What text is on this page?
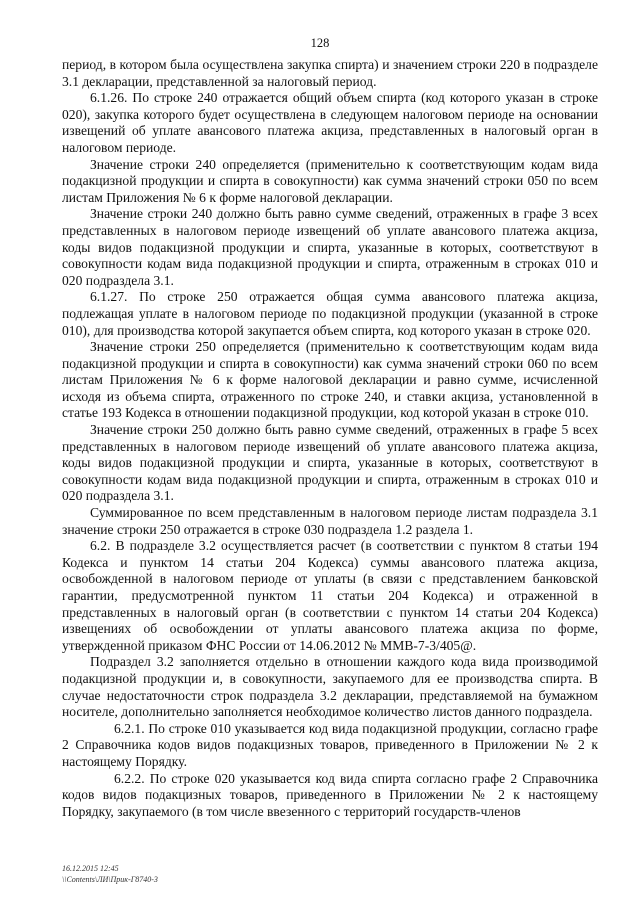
128

период, в котором была осуществлена закупка спирта) и значением строки 220 в подразделе 3.1 декларации, представленной за налоговый период.

6.1.26. По строке 240 отражается общий объем спирта (код которого указан в строке 020), закупка которого будет осуществлена в следующем налоговом периоде на основании извещений об уплате авансового платежа акциза, представленных в налоговый орган в налоговом периоде.

Значение строки 240 определяется (применительно к соответствующим кодам вида подакцизной продукции и спирта в совокупности) как сумма значений строки 050 по всем листам Приложения № 6 к форме налоговой декларации.

Значение строки 240 должно быть равно сумме сведений, отраженных в графе 3 всех представленных в налоговом периоде извещений об уплате авансового платежа акциза, коды видов подакцизной продукции и спирта, указанные в которых, соответствуют в совокупности кодам вида подакцизной продукции и спирта, отраженным в строках 010 и 020 подраздела 3.1.

6.1.27. По строке 250 отражается общая сумма авансового платежа акциза, подлежащая уплате в налоговом периоде по подакцизной продукции (указанной в строке 010), для производства которой закупается объем спирта, код которого указан в строке 020.

Значение строки 250 определяется (применительно к соответствующим кодам вида подакцизной продукции и спирта в совокупности) как сумма значений строки 060 по всем листам Приложения № 6 к форме налоговой декларации и равно сумме, исчисленной исходя из объема спирта, отраженного по строке 240, и ставки акциза, установленной в статье 193 Кодекса в отношении подакцизной продукции, код которой указан в строке 010.

Значение строки 250 должно быть равно сумме сведений, отраженных в графе 5 всех представленных в налоговом периоде извещений об уплате авансового платежа акциза, коды видов подакцизной продукции и спирта, указанные в которых, соответствуют в совокупности кодам вида подакцизной продукции и спирта, отраженным в строках 010 и 020 подраздела 3.1.

Суммированное по всем представленным в налоговом периоде листам подраздела 3.1 значение строки 250 отражается в строке 030 подраздела 1.2 раздела 1.

6.2. В подразделе 3.2 осуществляется расчет (в соответствии с пунктом 8 статьи 194 Кодекса и пунктом 14 статьи 204 Кодекса) суммы авансового платежа акциза, освобожденной в налоговом периоде от уплаты (в связи с представлением банковской гарантии, предусмотренной пунктом 11 статьи 204 Кодекса) и отраженной в представленных в налоговый орган (в соответствии с пунктом 14 статьи 204 Кодекса) извещениях об освобождении от уплаты авансового платежа акциза по форме, утвержденной приказом ФНС России от 14.06.2012 № ММВ-7-3/405@.

Подраздел 3.2 заполняется отдельно в отношении каждого кода вида производимой подакцизной продукции и, в совокупности, закупаемого для ее производства спирта. В случае недостаточности строк подраздела 3.2 декларации, представляемой на бумажном носителе, дополнительно заполняется необходимое количество листов данного подраздела.

6.2.1. По строке 010 указывается код вида подакцизной продукции, согласно графе 2 Справочника кодов видов подакцизных товаров, приведенного в Приложении № 2 к настоящему Порядку.

6.2.2. По строке 020 указывается код вида спирта согласно графе 2 Справочника кодов видов подакцизных товаров, приведенного в Приложении № 2 к настоящему Порядку, закупаемого (в том числе ввезенного с территорий государств-членов

16.12.2015 12:45
\\Contents\ЛИ\Прик-Г8740-3
